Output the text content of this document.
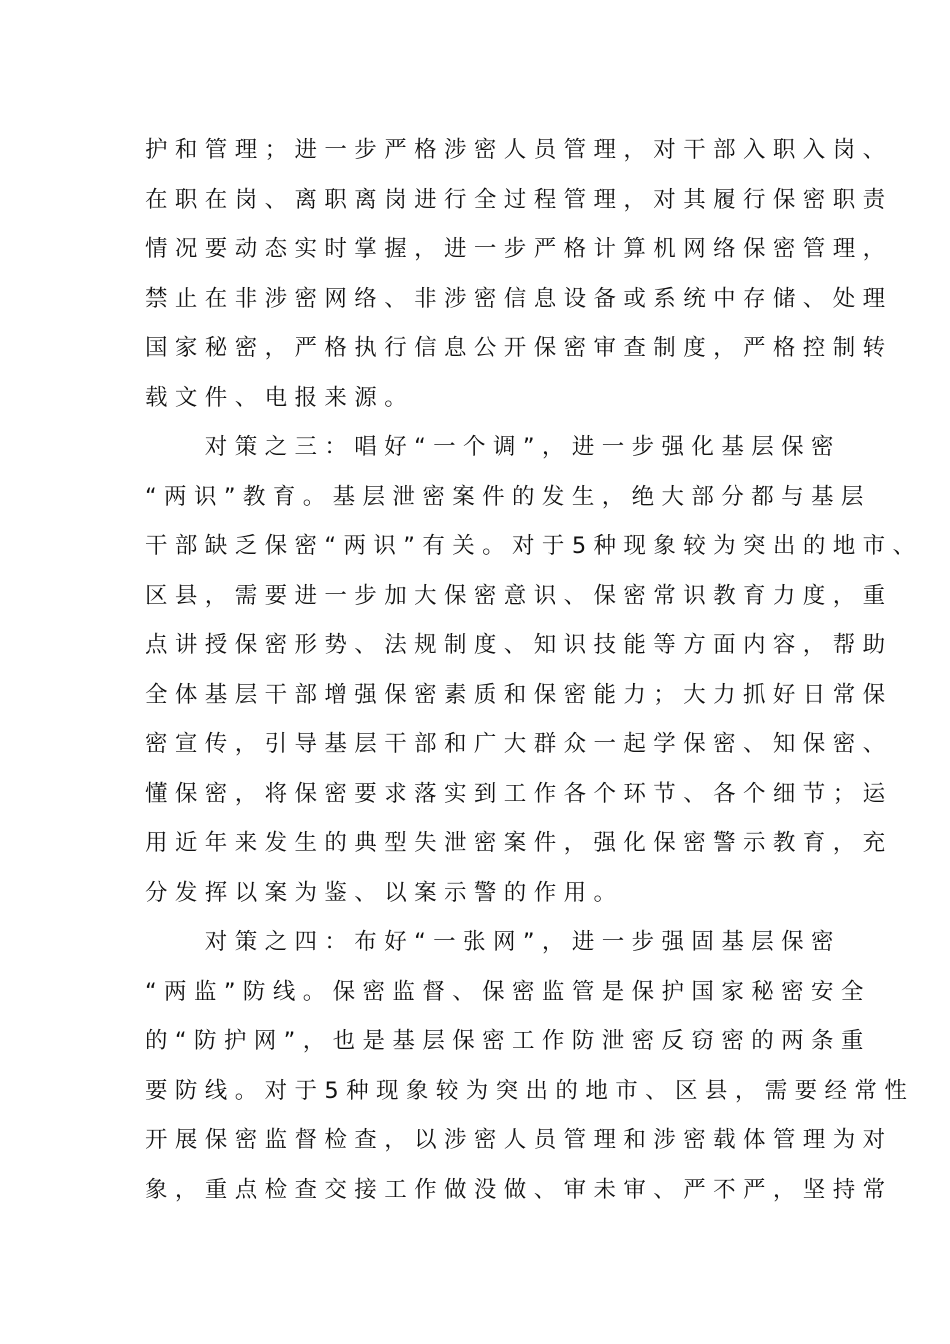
护和管理；进一步严格涉密人员管理，对干部入职入岗、
在职在岗、离职离岗进行全过程管理，对其履行保密职责
情况要动态实时掌握，进一步严格计算机网络保密管理，
禁止在非涉密网络、非涉密信息设备或系统中存储、处理
国家秘密，严格执行信息公开保密审查制度，严格控制转
载文件、电报来源。
　　对策之三：唱好“一个调”，进一步强化基层保密
“两识”教育。基层泄密案件的发生，绝大部分都与基层
干部缺乏保密“两识”有关。对于5种现象较为突出的地市、
区县，需要进一步加大保密意识、保密常识教育力度，重
点讲授保密形势、法规制度、知识技能等方面内容，帮助
全体基层干部增强保密素质和保密能力；大力抓好日常保
密宣传，引导基层干部和广大群众一起学保密、知保密、
懂保密，将保密要求落实到工作各个环节、各个细节；运
用近年来发生的典型失泄密案件，强化保密警示教育，充
分发挥以案为鉴、以案示警的作用。
　　对策之四：布好“一张网”，进一步强固基层保密
“两监”防线。保密监督、保密监管是保护国家秘密安全
的“防护网”，也是基层保密工作防泄密反窃密的两条重
要防线。对于5种现象较为突出的地市、区县，需要经常性
开展保密监督检查，以涉密人员管理和涉密载体管理为对
象，重点检查交接工作做没做、审未审、严不严，坚持常
